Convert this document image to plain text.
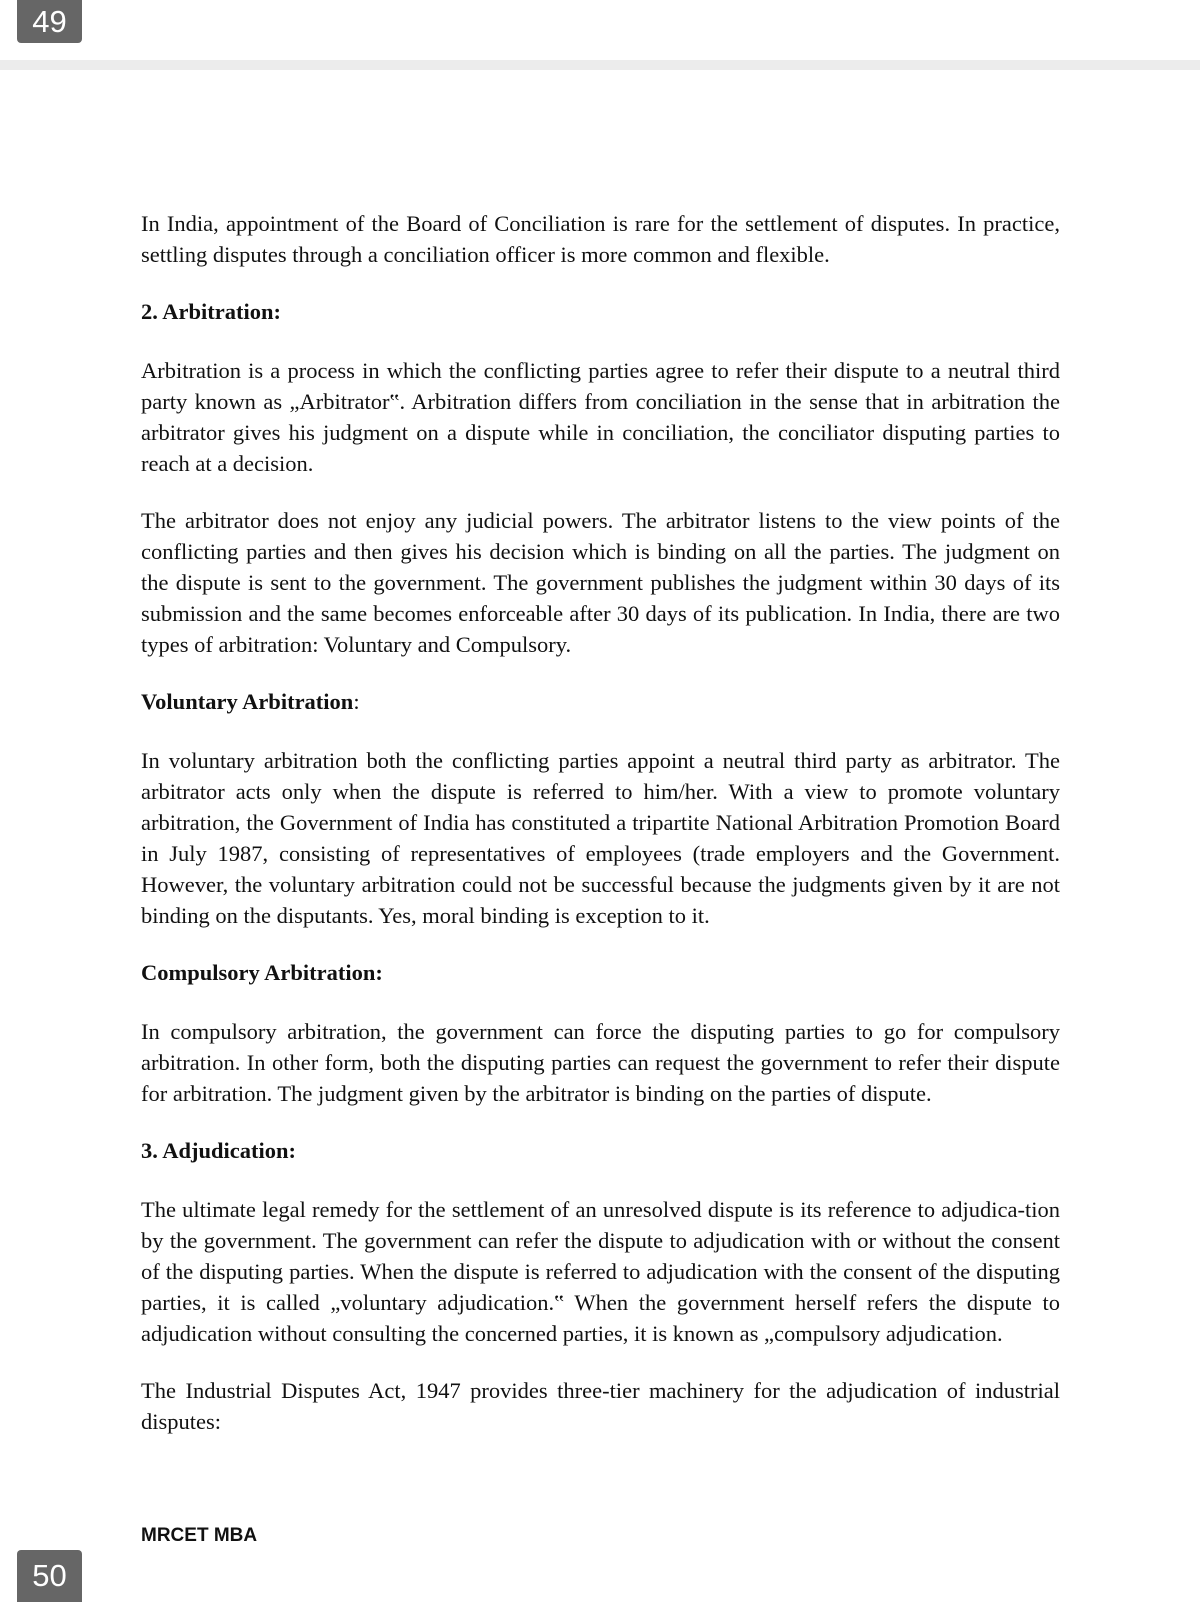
49

In India, appointment of the Board of Conciliation is rare for the settlement of disputes. In practice, settling disputes through a conciliation officer is more common and flexible.

2. Arbitration:

Arbitration is a process in which the conflicting parties agree to refer their dispute to a neutral third party known as „Arbitrator‟. Arbitration differs from conciliation in the sense that in arbitration the arbitrator gives his judgment on a dispute while in conciliation, the conciliator disputing parties to reach at a decision.

The arbitrator does not enjoy any judicial powers. The arbitrator listens to the view points of the conflicting parties and then gives his decision which is binding on all the parties. The judgment on the dispute is sent to the government. The government publishes the judgment within 30 days of its submission and the same becomes enforceable after 30 days of its publication. In India, there are two types of arbitration: Voluntary and Compulsory.

Voluntary Arbitration:

In voluntary arbitration both the conflicting parties appoint a neutral third party as arbitrator. The arbitrator acts only when the dispute is referred to him/her. With a view to promote voluntary arbitration, the Government of India has constituted a tripartite National Arbitration Promotion Board in July 1987, consisting of representatives of employees (trade employers and the Government. However, the voluntary arbitration could not be successful because the judgments given by it are not binding on the disputants. Yes, moral binding is exception to it.

Compulsory Arbitration:

In compulsory arbitration, the government can force the disputing parties to go for compulsory arbitration. In other form, both the disputing parties can request the government to refer their dispute for arbitration. The judgment given by the arbitrator is binding on the parties of dispute.

3. Adjudication:

The ultimate legal remedy for the settlement of an unresolved dispute is its reference to adjudica-tion by the government. The government can refer the dispute to adjudication with or without the consent of the disputing parties. When the dispute is referred to adjudication with the consent of the disputing parties, it is called „voluntary adjudication.‟ When the government herself refers the dispute to adjudication without consulting the concerned parties, it is known as „compulsory adjudication.

The Industrial Disputes Act, 1947 provides three-tier machinery for the adjudication of industrial disputes:

MRCET MBA
50
